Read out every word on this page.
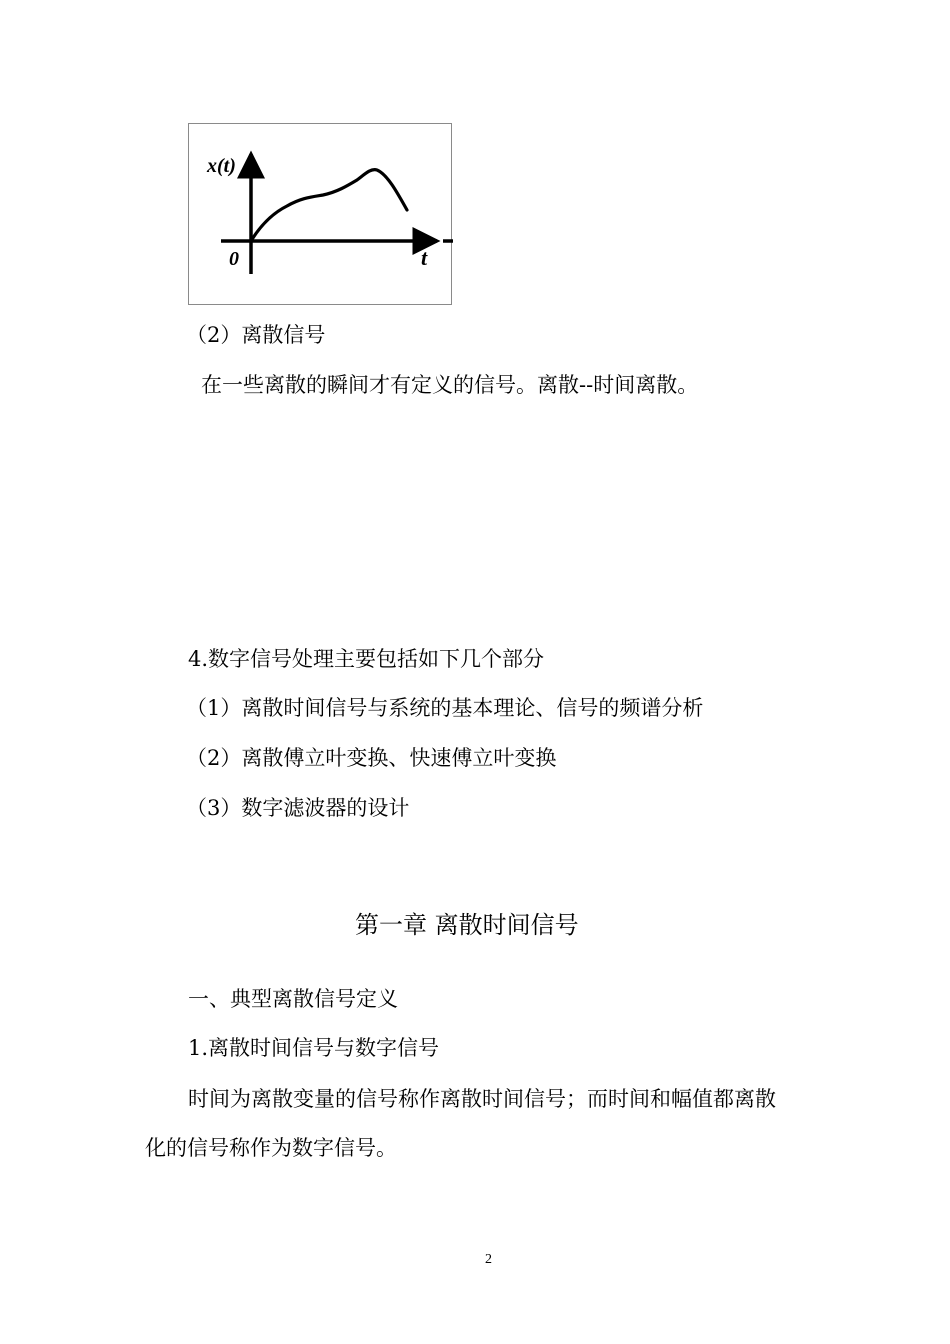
x(t)
0	t
（2）离散信号
在一些离散的瞬间才有定义的信号。离散--时间离散。
4.数字信号处理主要包括如下几个部分
（1）离散时间信号与系统的基本理论、信号的频谱分析
（2）离散傅立叶变换、快速傅立叶变换
（3）数字滤波器的设计
第一章 离散时间信号
一、典型离散信号定义
1.离散时间信号与数字信号
时间为离散变量的信号称作离散时间信号；而时间和幅值都离散
化的信号称作为数字信号。
2
